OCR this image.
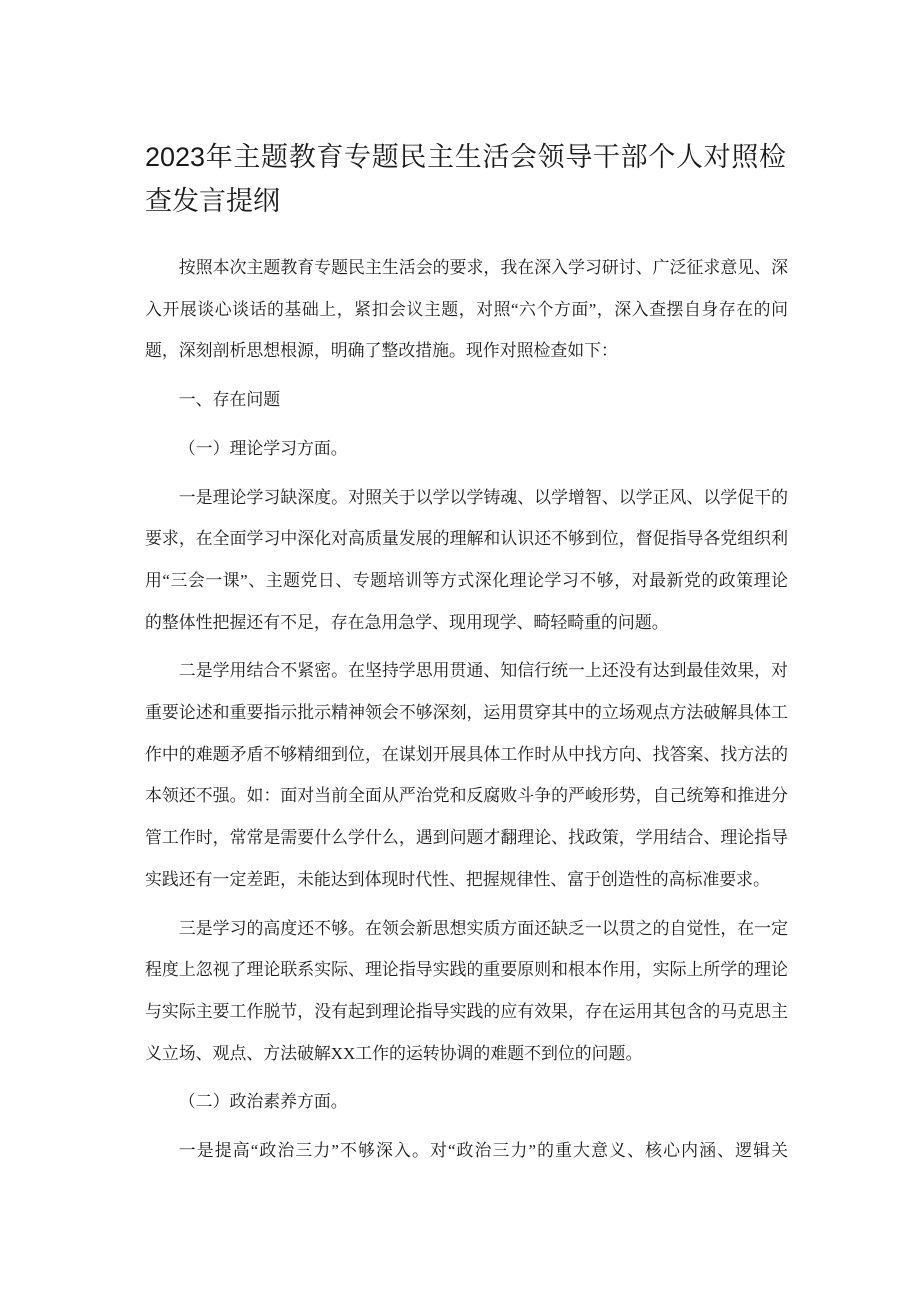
2023年主题教育专题民主生活会领导干部个人对照检
查发言提纲

按照本次主题教育专题民主生活会的要求，我在深入学习研讨、广泛征求意见、深
入开展谈心谈话的基础上，紧扣会议主题，对照“六个方面”，深入查摆自身存在的问
题，深刻剖析思想根源，明确了整改措施。现作对照检查如下：

一、存在问题
（一）理论学习方面。

一是理论学习缺深度。对照关于以学以学铸魂、以学增智、以学正风、以学促干的
要求，在全面学习中深化对高质量发展的理解和认识还不够到位，督促指导各党组织利
用“三会一课”、主题党日、专题培训等方式深化理论学习不够，对最新党的政策理论
的整体性把握还有不足，存在急用急学、现用现学、畸轻畸重的问题。

二是学用结合不紧密。在坚持学思用贯通、知信行统一上还没有达到最佳效果，对
重要论述和重要指示批示精神领会不够深刻，运用贯穿其中的立场观点方法破解具体工
作中的难题矛盾不够精细到位，在谋划开展具体工作时从中找方向、找答案、找方法的
本领还不强。如：面对当前全面从严治党和反腐败斗争的严峻形势，自己统筹和推进分
管工作时，常常是需要什么学什么，遇到问题才翻理论、找政策，学用结合、理论指导
实践还有一定差距，未能达到体现时代性、把握规律性、富于创造性的高标准要求。

三是学习的高度还不够。在领会新思想实质方面还缺乏一以贯之的自觉性，在一定
程度上忽视了理论联系实际、理论指导实践的重要原则和根本作用，实际上所学的理论
与实际主要工作脱节，没有起到理论指导实践的应有效果，存在运用其包含的马克思主
义立场、观点、方法破解XX工作的运转协调的难题不到位的问题。

（二）政治素养方面。

一是提高“政治三力”不够深入。对“政治三力”的重大意义、核心内涵、逻辑关
